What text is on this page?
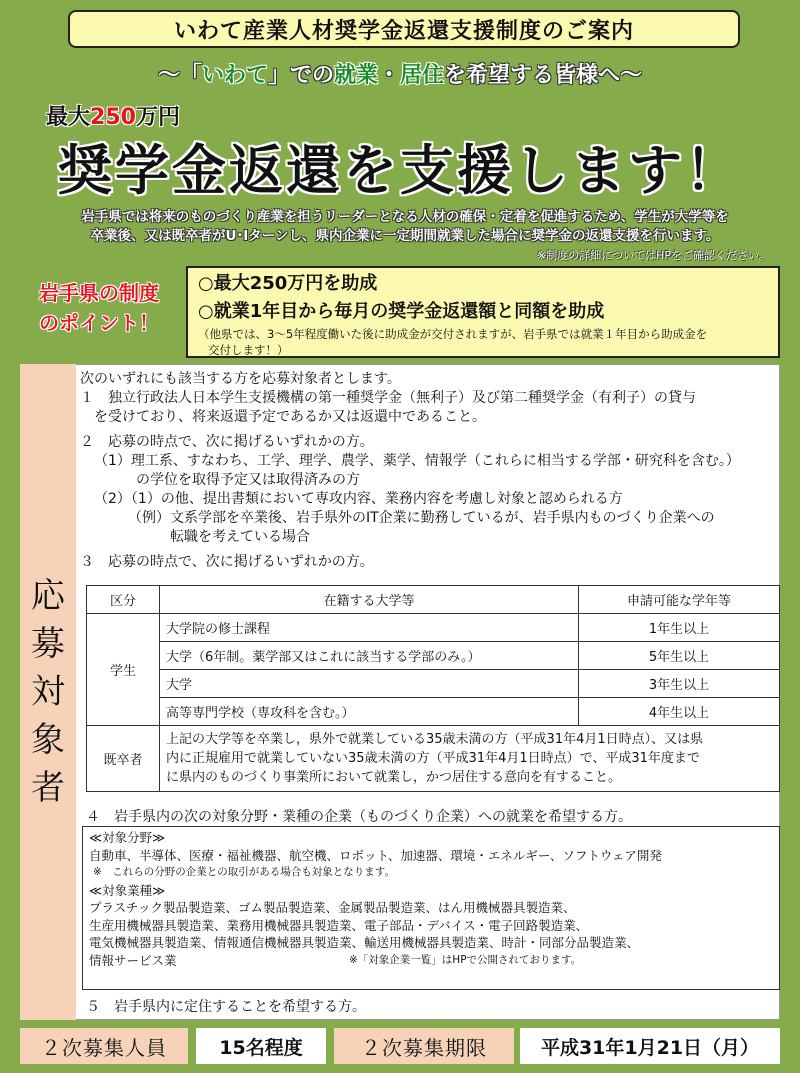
いわて産業人材奨学金返還支援制度のご案内
～「いわて」での就業・居住を希望する皆様へ～
最大250万円
奨学金返還を支援します！
岩手県では将来のものづくり産業を担うリーダーとなる人材の確保・定着を促進するため、学生が大学等を
卒業後、又は既卒者がU･Iターンし、県内企業に一定期間就業した場合に奨学金の返還支援を行います。
※制度の詳細についてはHPをご確認ください。
岩手県の制度
のポイント！
○最大250万円を助成
○就業1年目から毎月の奨学金返還額と同額を助成
（他県では、3～5年程度働いた後に助成金が交付されますが、岩手県では就業１年目から助成金を
交付します！）
応
募
対
象
者
次のいずれにも該当する方を応募対象者とします。
１　独立行政法人日本学生支援機構の第一種奨学金（無利子）及び第二種奨学金（有利子）の貸与
を受けており、将来返還予定であるか又は返還中であること。
２　応募の時点で、次に掲げるいずれかの方。
（1）理工系、すなわち、工学、理学、農学、薬学、情報学（これらに相当する学部・研究科を含む。）
の学位を取得予定又は取得済みの方
（2）（1）の他、提出書類において専攻内容、業務内容を考慮し対象と認められる方
（例）文系学部を卒業後、岩手県外のIT企業に勤務しているが、岩手県内ものづくり企業への
転職を考えている場合
３　応募の時点で、次に掲げるいずれかの方。
区分	在籍する大学等	申請可能な学年等
学生	大学院の修士課程	1年生以上
	大学（6年制。薬学部又はこれに該当する学部のみ。）	5年生以上
	大学	3年生以上
	高等専門学校（専攻科を含む。）	4年生以上
既卒者	上記の大学等を卒業し，県外で就業している35歳未満の方（平成31年4月1日時点）、又は県
内に正規雇用で就業していない35歳未満の方（平成31年4月1日時点）で、平成31年度まで
に県内のものづくり事業所において就業し，かつ居住する意向を有すること。	
４　岩手県内の次の対象分野・業種の企業（ものづくり企業）への就業を希望する方。
≪対象分野≫
自動車、半導体、医療・福祉機器、航空機、ロボット、加速器、環境・エネルギー、ソフトウェア開発
※　これらの分野の企業との取引がある場合も対象となります。
≪対象業種≫
プラスチック製品製造業、ゴム製品製造業、金属製品製造業、はん用機械器具製造業、
生産用機械器具製造業、業務用機械器具製造業、電子部品・デバイス・電子回路製造業、
電気機械器具製造業、情報通信機械器具製造業、輸送用機械器具製造業、時計・同部分品製造業、
情報サービス業	※「対象企業一覧」はHPで公開されております。
５　岩手県内に定住することを希望する方。
２次募集人員	15名程度	２次募集期限	平成31年1月21日（月）
